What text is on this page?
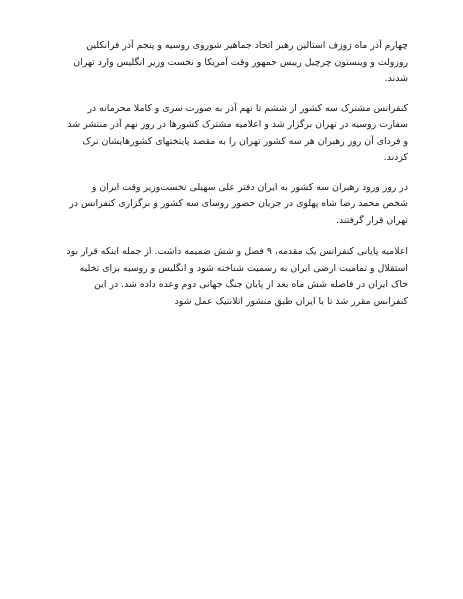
چهارم آذر ماه ژوزف استالین رهبر اتحاد جماهیر شوروی روسیه و پنجم آذر فرانکلین روزولت و وینستون چرچیل رییس جمهور وقت آمریکا و نخست وزیر انگلیس وارد تهران شدند.

کنفرانس مشترک سه کشور از ششم تا نهم آذر به صورت سری و کاملا محرمانه در سفارت روسیه در تهران برگزار شد و اعلامیه مشترک کشورها در روز نهم آذر منتشر شد و فردای آن روز رهبران هر سه کشور تهران را به مقصد پایتختهای کشورهایشان ترک کردند.

در روز ورود رهبران سه کشور به ایران دفتر علی سهیلی نخست‌وزیر وقت ایران و شخص محمد رضا شاه پهلوی در جریان حضور روسای سه کشور و برگزاری کنفرانس در تهران قرار گرفتند.

اعلامیه پایانی کنفرانس یک مقدمه، ۹ فصل و شش ضمیمه داشت. از جمله اینکه قرار بود استقلال و تمامیت ارضی ایران به رسمیت شناخته شود و انگلیس و روسیه برای تخلیه خاک ایران در فاصله شش ماه بعد از پایان جنگ جهانی دوم وعده داده شد. در این کنفرانس مقرر شد تا با ایران طبق منشور اتلانتیک عمل شود
